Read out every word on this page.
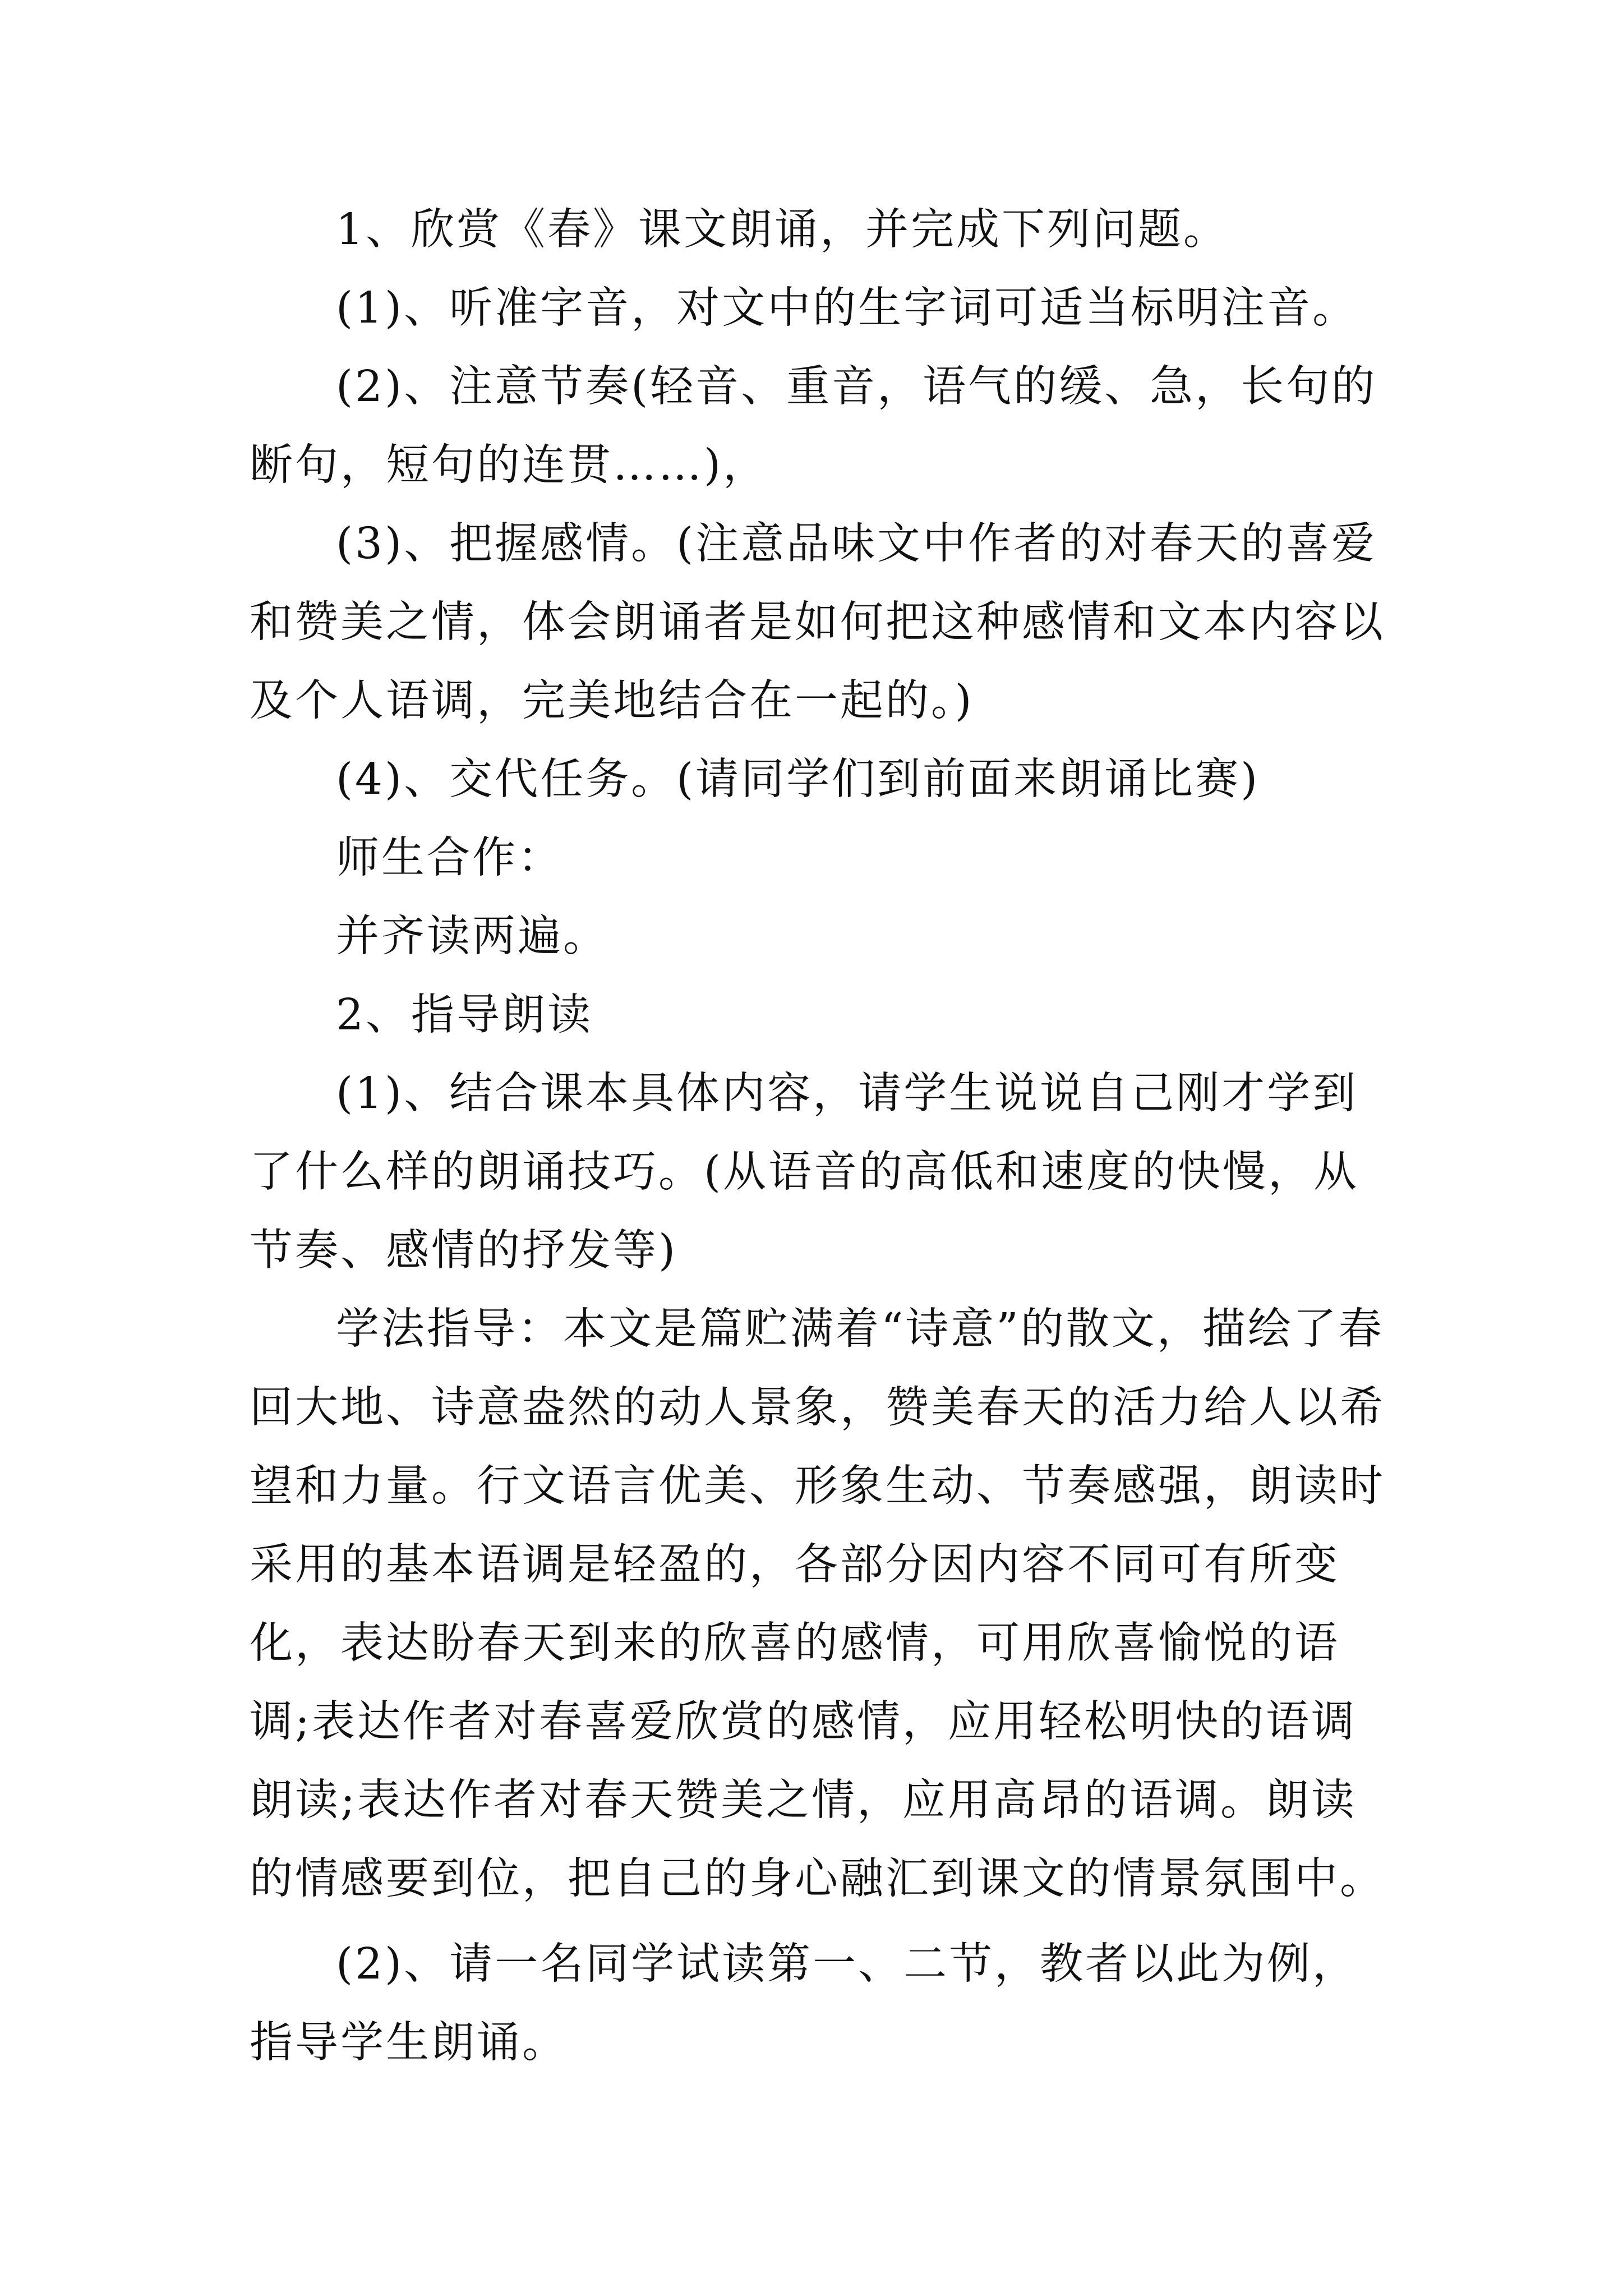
1、欣赏《春》课文朗诵，并完成下列问题。

(1)、听准字音，对文中的生字词可适当标明注音。

(2)、注意节奏(轻音、重音，语气的缓、急，长句的断句，短句的连贯……)，

(3)、把握感情。(注意品味文中作者的对春天的喜爱和赞美之情，体会朗诵者是如何把这种感情和文本内容以及个人语调，完美地结合在一起的。)

(4)、交代任务。(请同学们到前面来朗诵比赛)

师生合作：

并齐读两遍。

2、指导朗读

(1)、结合课本具体内容，请学生说说自己刚才学到了什么样的朗诵技巧。(从语音的高低和速度的快慢，从节奏、感情的抒发等)

学法指导：本文是篇贮满着“诗意”的散文，描绘了春回大地、诗意盎然的动人景象，赞美春天的活力给人以希望和力量。行文语言优美、形象生动、节奏感强，朗读时采用的基本语调是轻盈的，各部分因内容不同可有所变化，表达盼春天到来的欣喜的感情，可用欣喜愉悦的语调;表达作者对春喜爱欣赏的感情，应用轻松明快的语调朗读;表达作者对春天赞美之情，应用高昂的语调。朗读的情感要到位，把自己的身心融汇到课文的情景氛围中。

(2)、请一名同学试读第一、二节，教者以此为例，指导学生朗诵。
